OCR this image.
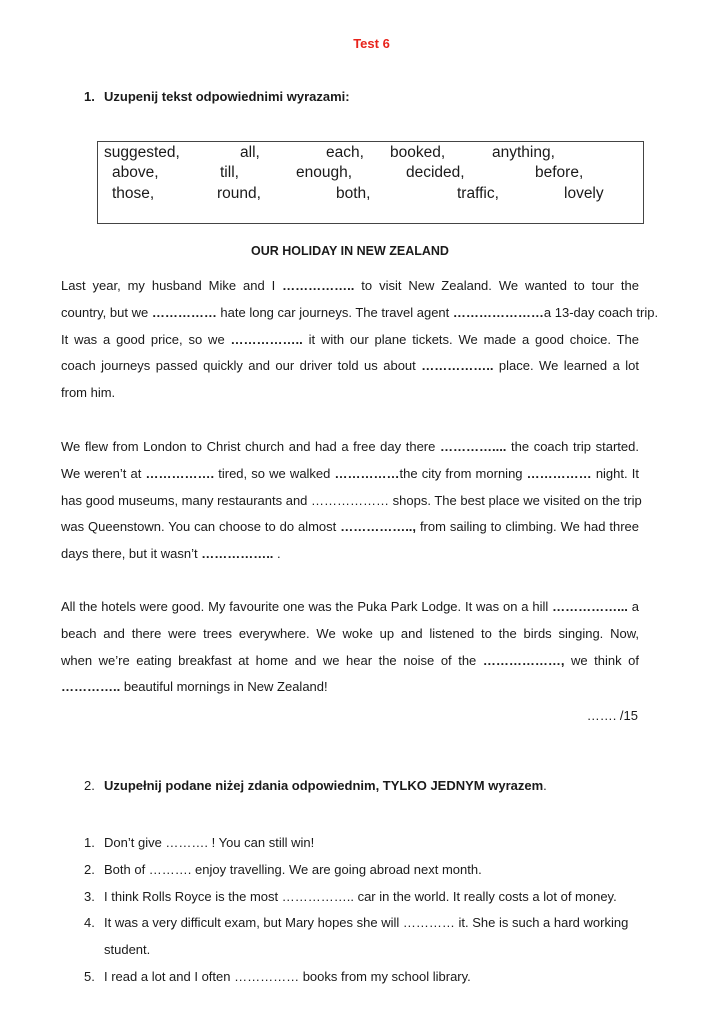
Test 6
1. Uzupenij tekst odpowiednimi wyrazami:
suggested,	all,	each, booked,	anything,
above,	till,	enough,	decided,	before,
those,	round,	both,	traffic,	lovely
OUR HOLIDAY IN NEW ZEALAND
Last year, my husband Mike and I …………….. to visit New Zealand. We wanted to tour the
country, but we …………… hate long car journeys. The travel agent …………………a 13-day coach trip.
It was a good price, so we …………….. it with our plane tickets. We made a good choice. The
coach journeys passed quickly and our driver told us about …………….. place. We learned a lot
from him.
We flew from London to Christ church and had a free day there ………….... the coach trip started.
We weren’t at ……………. tired, so we walked ……………the city from morning …………… night. It
has good museums, many restaurants and ……………… shops. The best place we visited on the trip
was Queenstown. You can choose to do almost …………….., from sailing to climbing. We had three
days there, but it wasn’t …………….. .
All the hotels were good. My favourite one was the Puka Park Lodge. It was on a hill ……………... a
beach and there were trees everywhere. We woke up and listened to the birds singing. Now,
when we’re eating breakfast at home and we hear the noise of the ………………, we think of
………….. beautiful mornings in New Zealand!
……. /15
2. Uzupełnij podane niżej zdania odpowiednim, TYLKO JEDNYM wyrazem.
1. Don’t give ………. ! You can still win!
2. Both of ………. enjoy travelling. We are going abroad next month.
3. I think Rolls Royce is the most …………….. car in the world. It really costs a lot of money.
4. It was a very difficult exam, but Mary hopes she will ………… it. She is such a hard working student.
5. I read a lot and I often …………… books from my school library.
